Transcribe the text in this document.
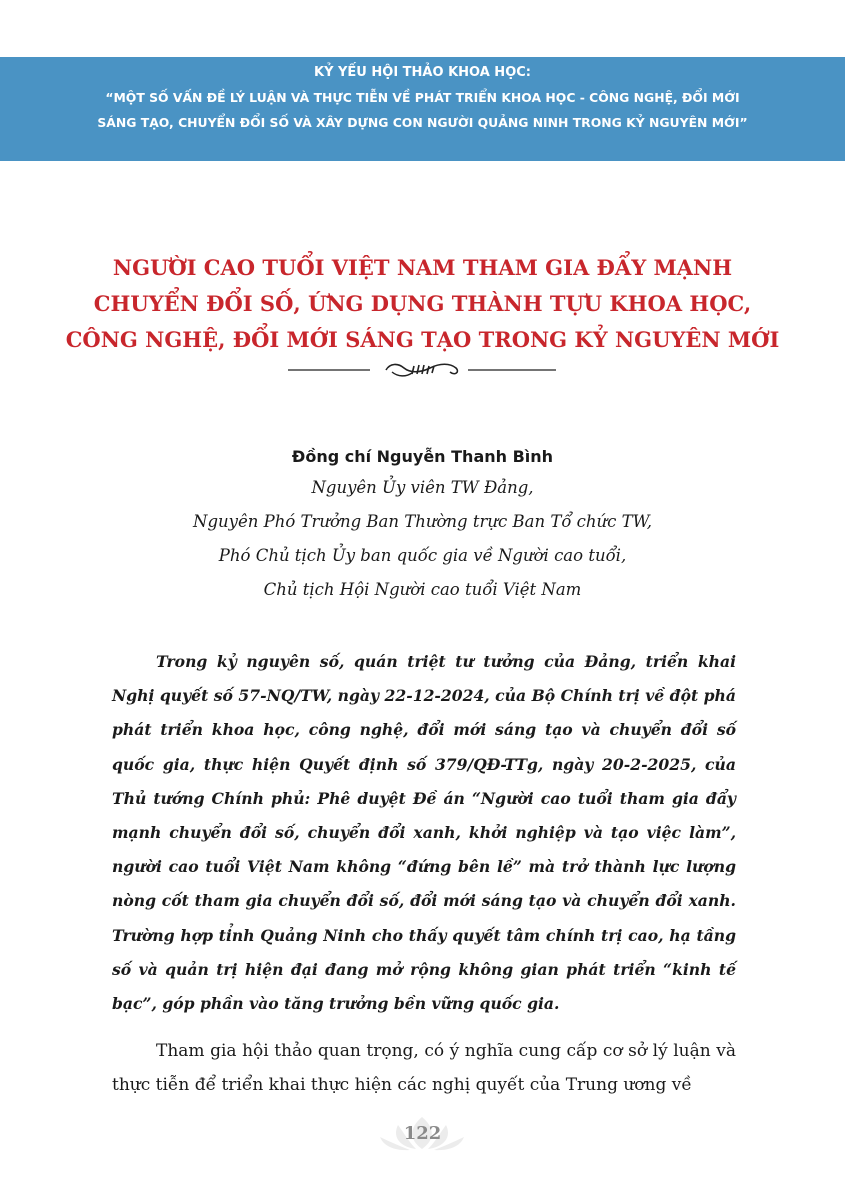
KỶ YẾU HỘI THẢO KHOA HỌC:
“MỘT SỐ VẤN ĐỀ LÝ LUẬN VÀ THỰC TIỄN VỀ PHÁT TRIỂN KHOA HỌC - CÔNG NGHỆ, ĐỔI MỚI
SÁNG TẠO, CHUYỂN ĐỔI SỐ VÀ XÂY DỰNG CON NGƯỜI QUẢNG NINH TRONG KỶ NGUYÊN MỚI”
NGƯỜI CAO TUỔI VIỆT NAM THAM GIA ĐẨY MẠNH
CHUYỂN ĐỔI SỐ, ỨNG DỤNG THÀNH TỰU KHOA HỌC,
CÔNG NGHỆ, ĐỔI MỚI SÁNG TẠO TRONG KỶ NGUYÊN MỚI
Đồng chí Nguyễn Thanh Bình
Nguyên Ủy viên TW Đảng,
Nguyên Phó Trưởng Ban Thường trực Ban Tổ chức TW,
Phó Chủ tịch Ủy ban quốc gia về Người cao tuổi,
Chủ tịch Hội Người cao tuổi Việt Nam

Trong kỷ nguyên số, quán triệt tư tưởng của Đảng, triển khai Nghị quyết số 57-NQ/TW, ngày 22-12-2024, của Bộ Chính trị về đột phá phát triển khoa học, công nghệ, đổi mới sáng tạo và chuyển đổi số quốc gia, thực hiện Quyết định số 379/QĐ-TTg, ngày 20-2-2025, của Thủ tướng Chính phủ: Phê duyệt Đề án “Người cao tuổi tham gia đẩy mạnh chuyển đổi số, chuyển đổi xanh, khởi nghiệp và tạo việc làm”, người cao tuổi Việt Nam không “đứng bên lề” mà trở thành lực lượng nòng cốt tham gia chuyển đổi số, đổi mới sáng tạo và chuyển đổi xanh. Trường hợp tỉnh Quảng Ninh cho thấy quyết tâm chính trị cao, hạ tầng số và quản trị hiện đại đang mở rộng không gian phát triển “kinh tế bạc”, góp phần vào tăng trưởng bền vững quốc gia.

Tham gia hội thảo quan trọng, có ý nghĩa cung cấp cơ sở lý luận và thực tiễn để triển khai thực hiện các nghị quyết của Trung ương về

122
